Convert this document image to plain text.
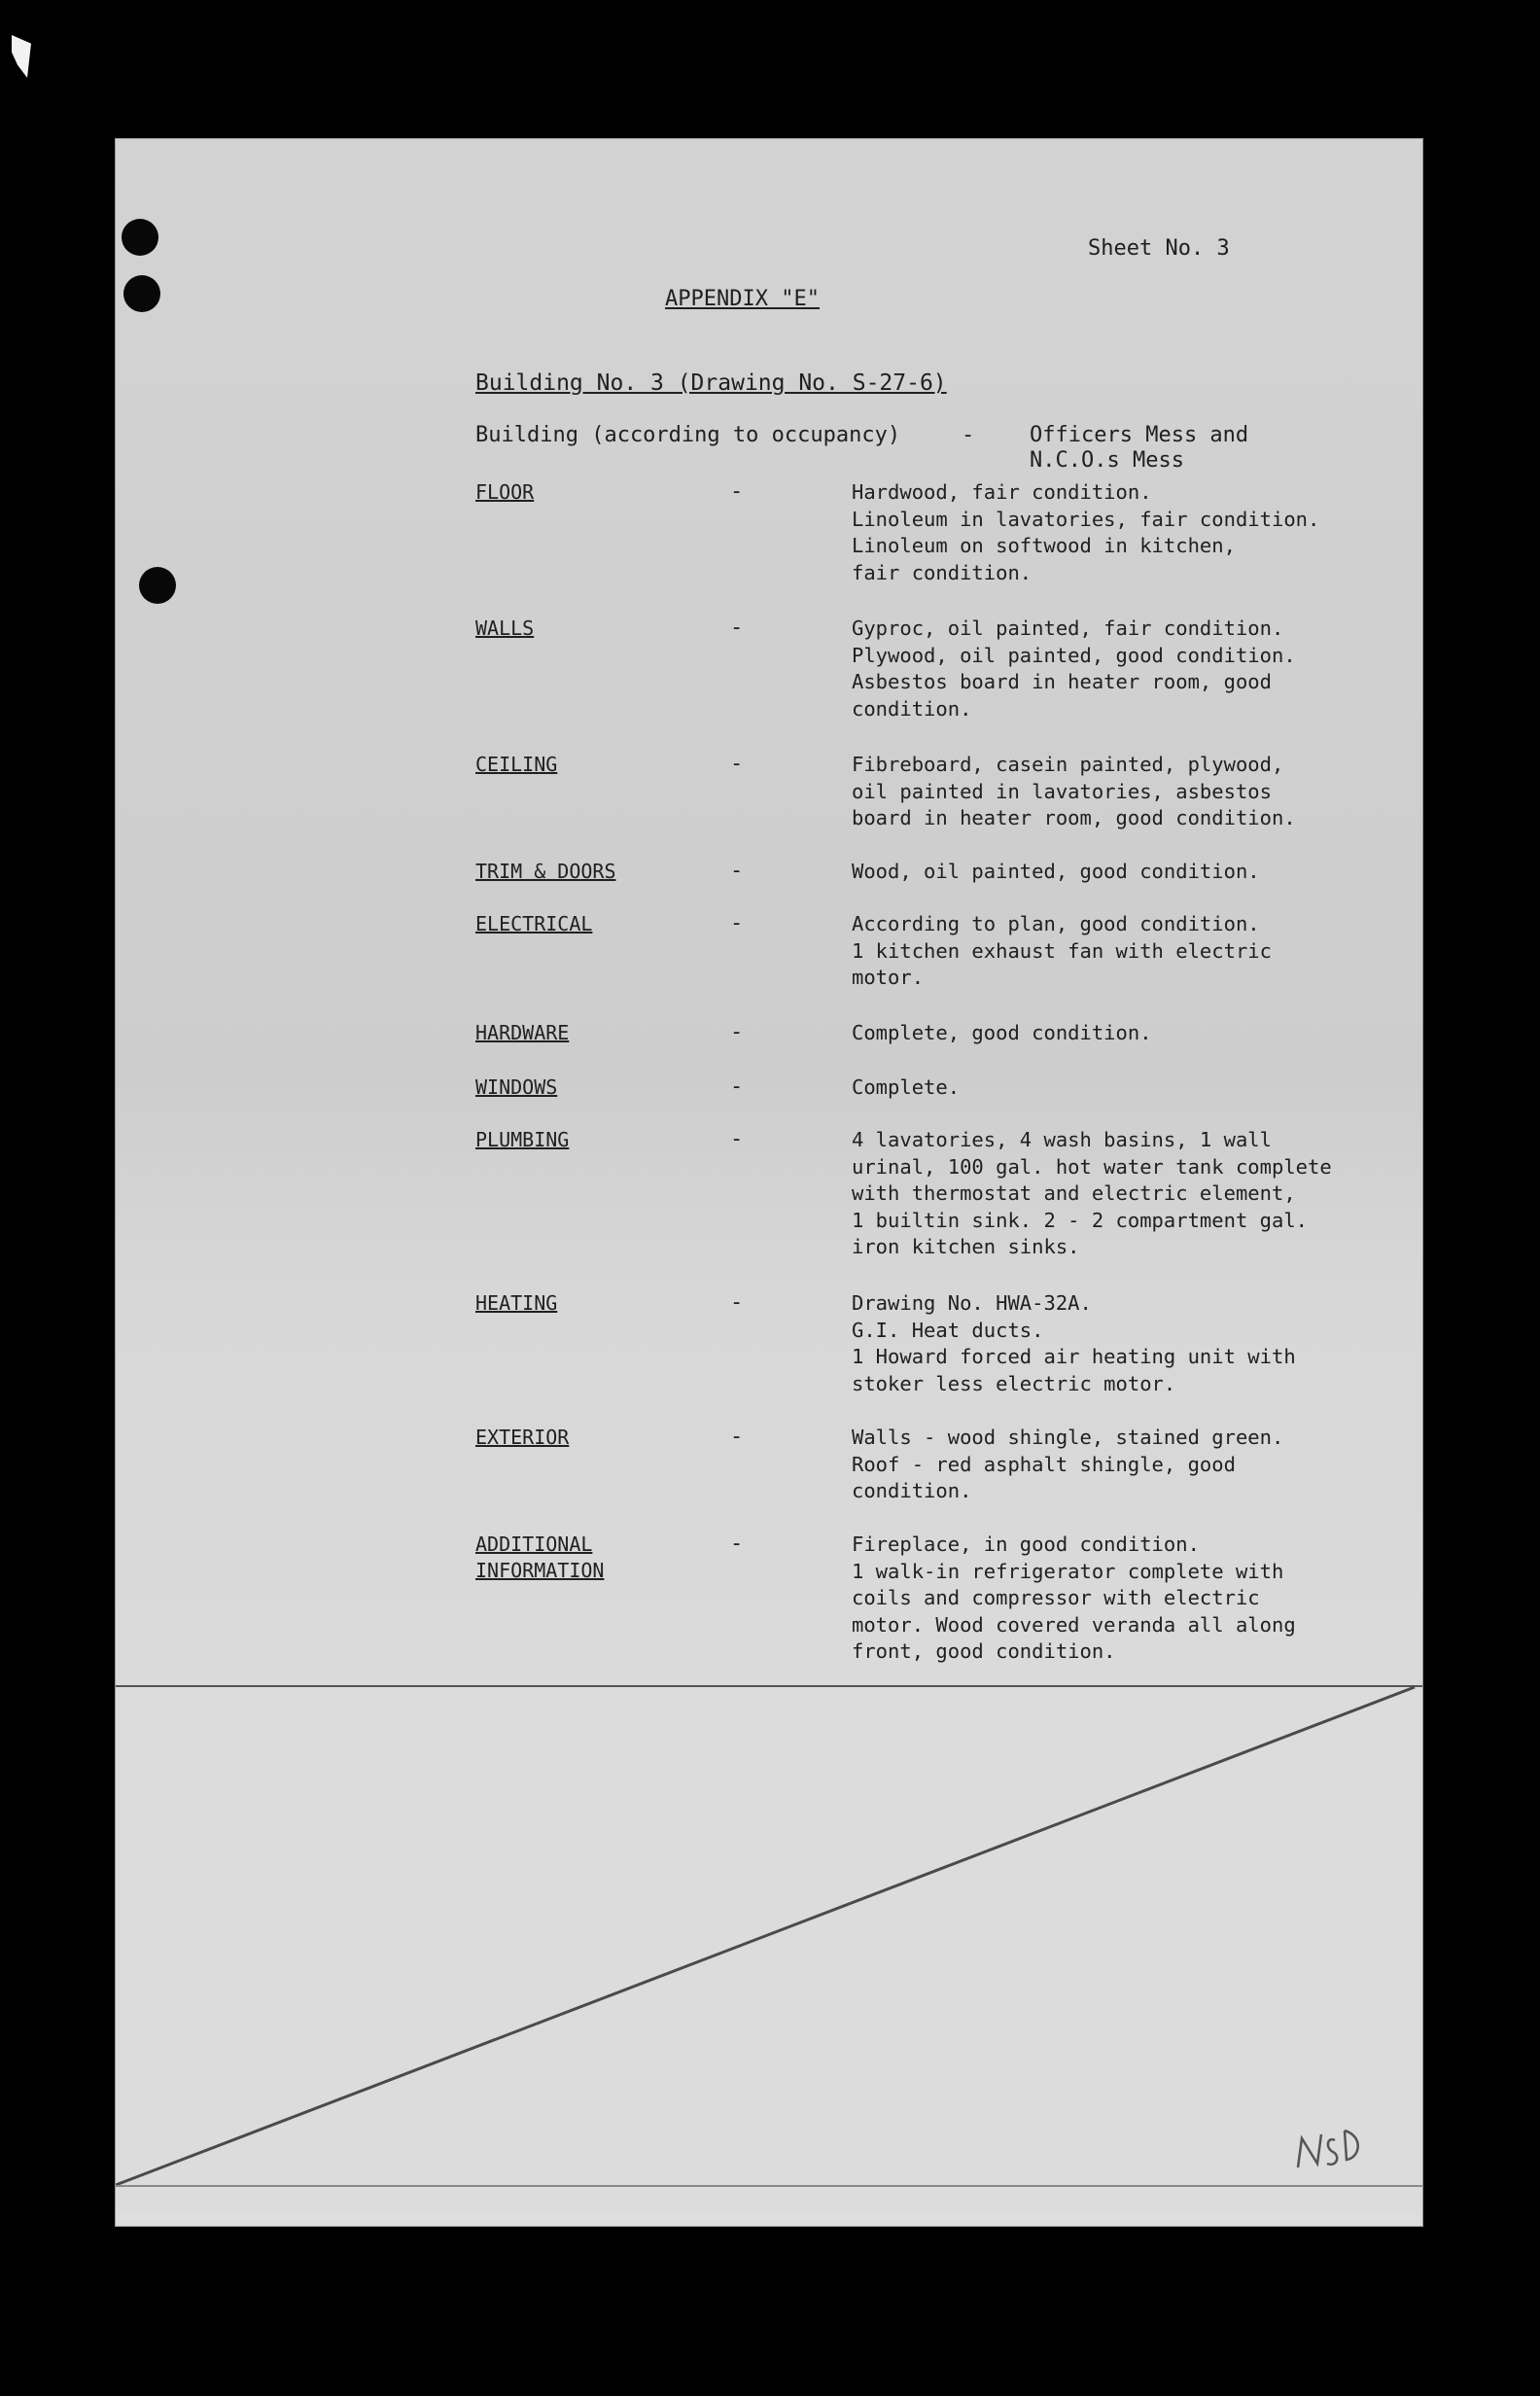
Sheet No. 3
APPENDIX "E"
Building No. 3 (Drawing No. S-27-6)
Building (according to occupancy)	-	Officers Mess and
N.C.O.s Mess
FLOOR	-	Hardwood, fair condition.
Linoleum in lavatories, fair condition.
Linoleum on softwood in kitchen,
fair condition.
WALLS	-	Gyproc, oil painted, fair condition.
Plywood, oil painted, good condition.
Asbestos board in heater room, good
condition.
CEILING	-	Fibreboard, casein painted, plywood,
oil painted in lavatories, asbestos
board in heater room, good condition.
TRIM & DOORS	-	Wood, oil painted, good condition.
ELECTRICAL	-	According to plan, good condition.
1 kitchen exhaust fan with electric
motor.
HARDWARE	-	Complete, good condition.
WINDOWS	-	Complete.
PLUMBING	-	4 lavatories, 4 wash basins, 1 wall
urinal, 100 gal. hot water tank complete
with thermostat and electric element,
1 builtin sink. 2 - 2 compartment gal.
iron kitchen sinks.
HEATING	-	Drawing No. HWA-32A.
G.I. Heat ducts.
1 Howard forced air heating unit with
stoker less electric motor.
EXTERIOR	-	Walls - wood shingle, stained green.
Roof - red asphalt shingle, good
condition.
ADDITIONAL
INFORMATION
-	Fireplace, in good condition.
1 walk-in refrigerator complete with
coils and compressor with electric
motor. Wood covered veranda all along
front, good condition.
